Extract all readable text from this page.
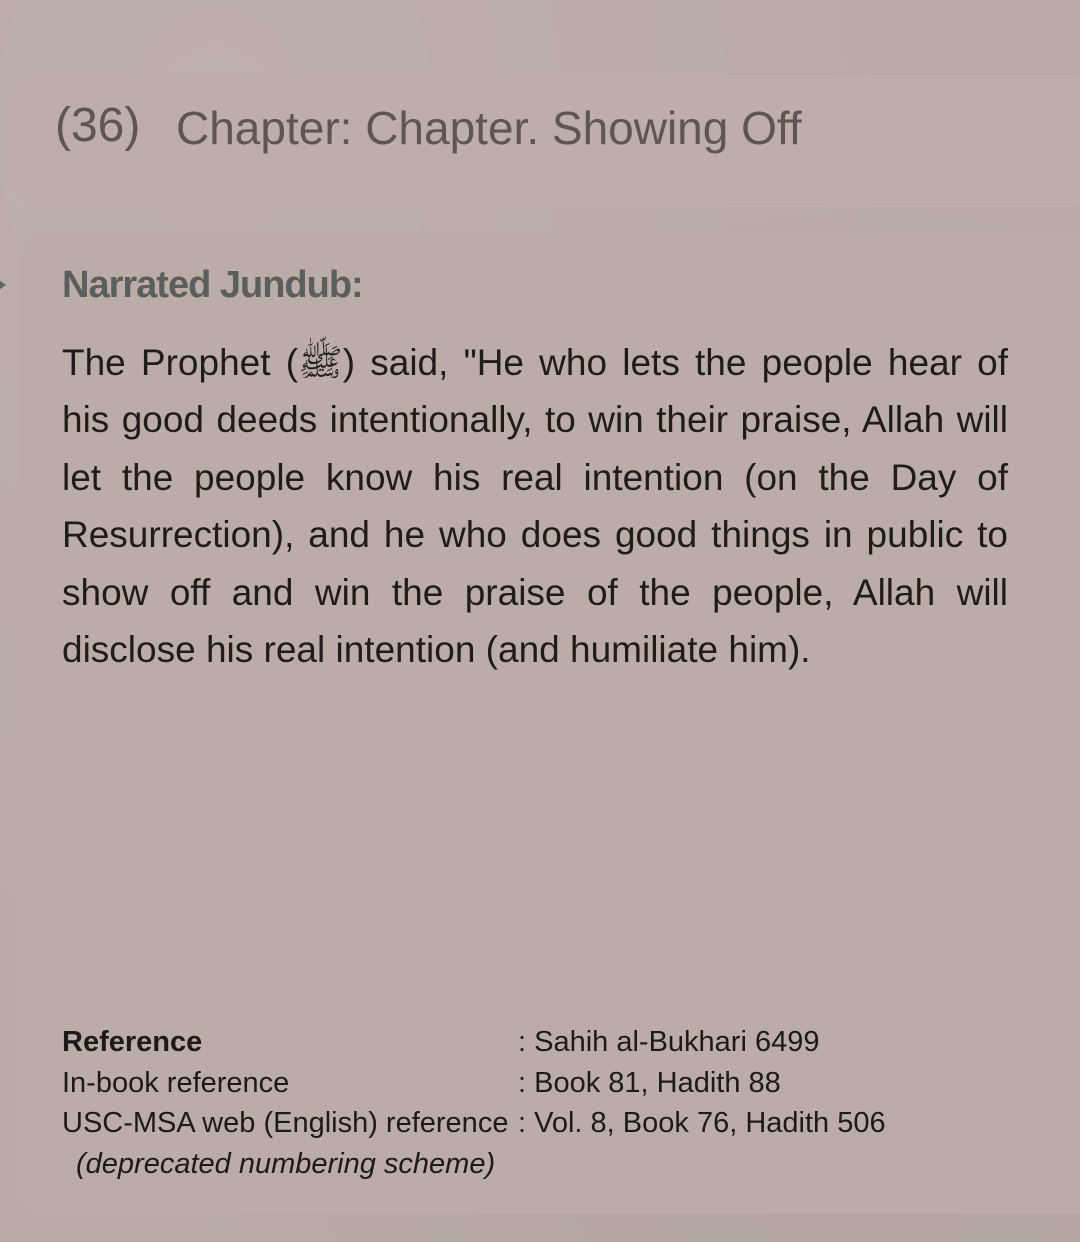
(36) Chapter: Chapter. Showing Off
Narrated Jundub:
The Prophet (ﷺ) said, "He who lets the people hear of his good deeds intentionally, to win their praise, Allah will let the people know his real intention (on the Day of Resurrection), and he who does good things in public to show off and win the praise of the people, Allah will disclose his real intention (and humiliate him).
Reference	: Sahih al-Bukhari 6499
In-book reference	: Book 81, Hadith 88
USC-MSA web (English) reference : Vol. 8, Book 76, Hadith 506
(deprecated numbering scheme)
